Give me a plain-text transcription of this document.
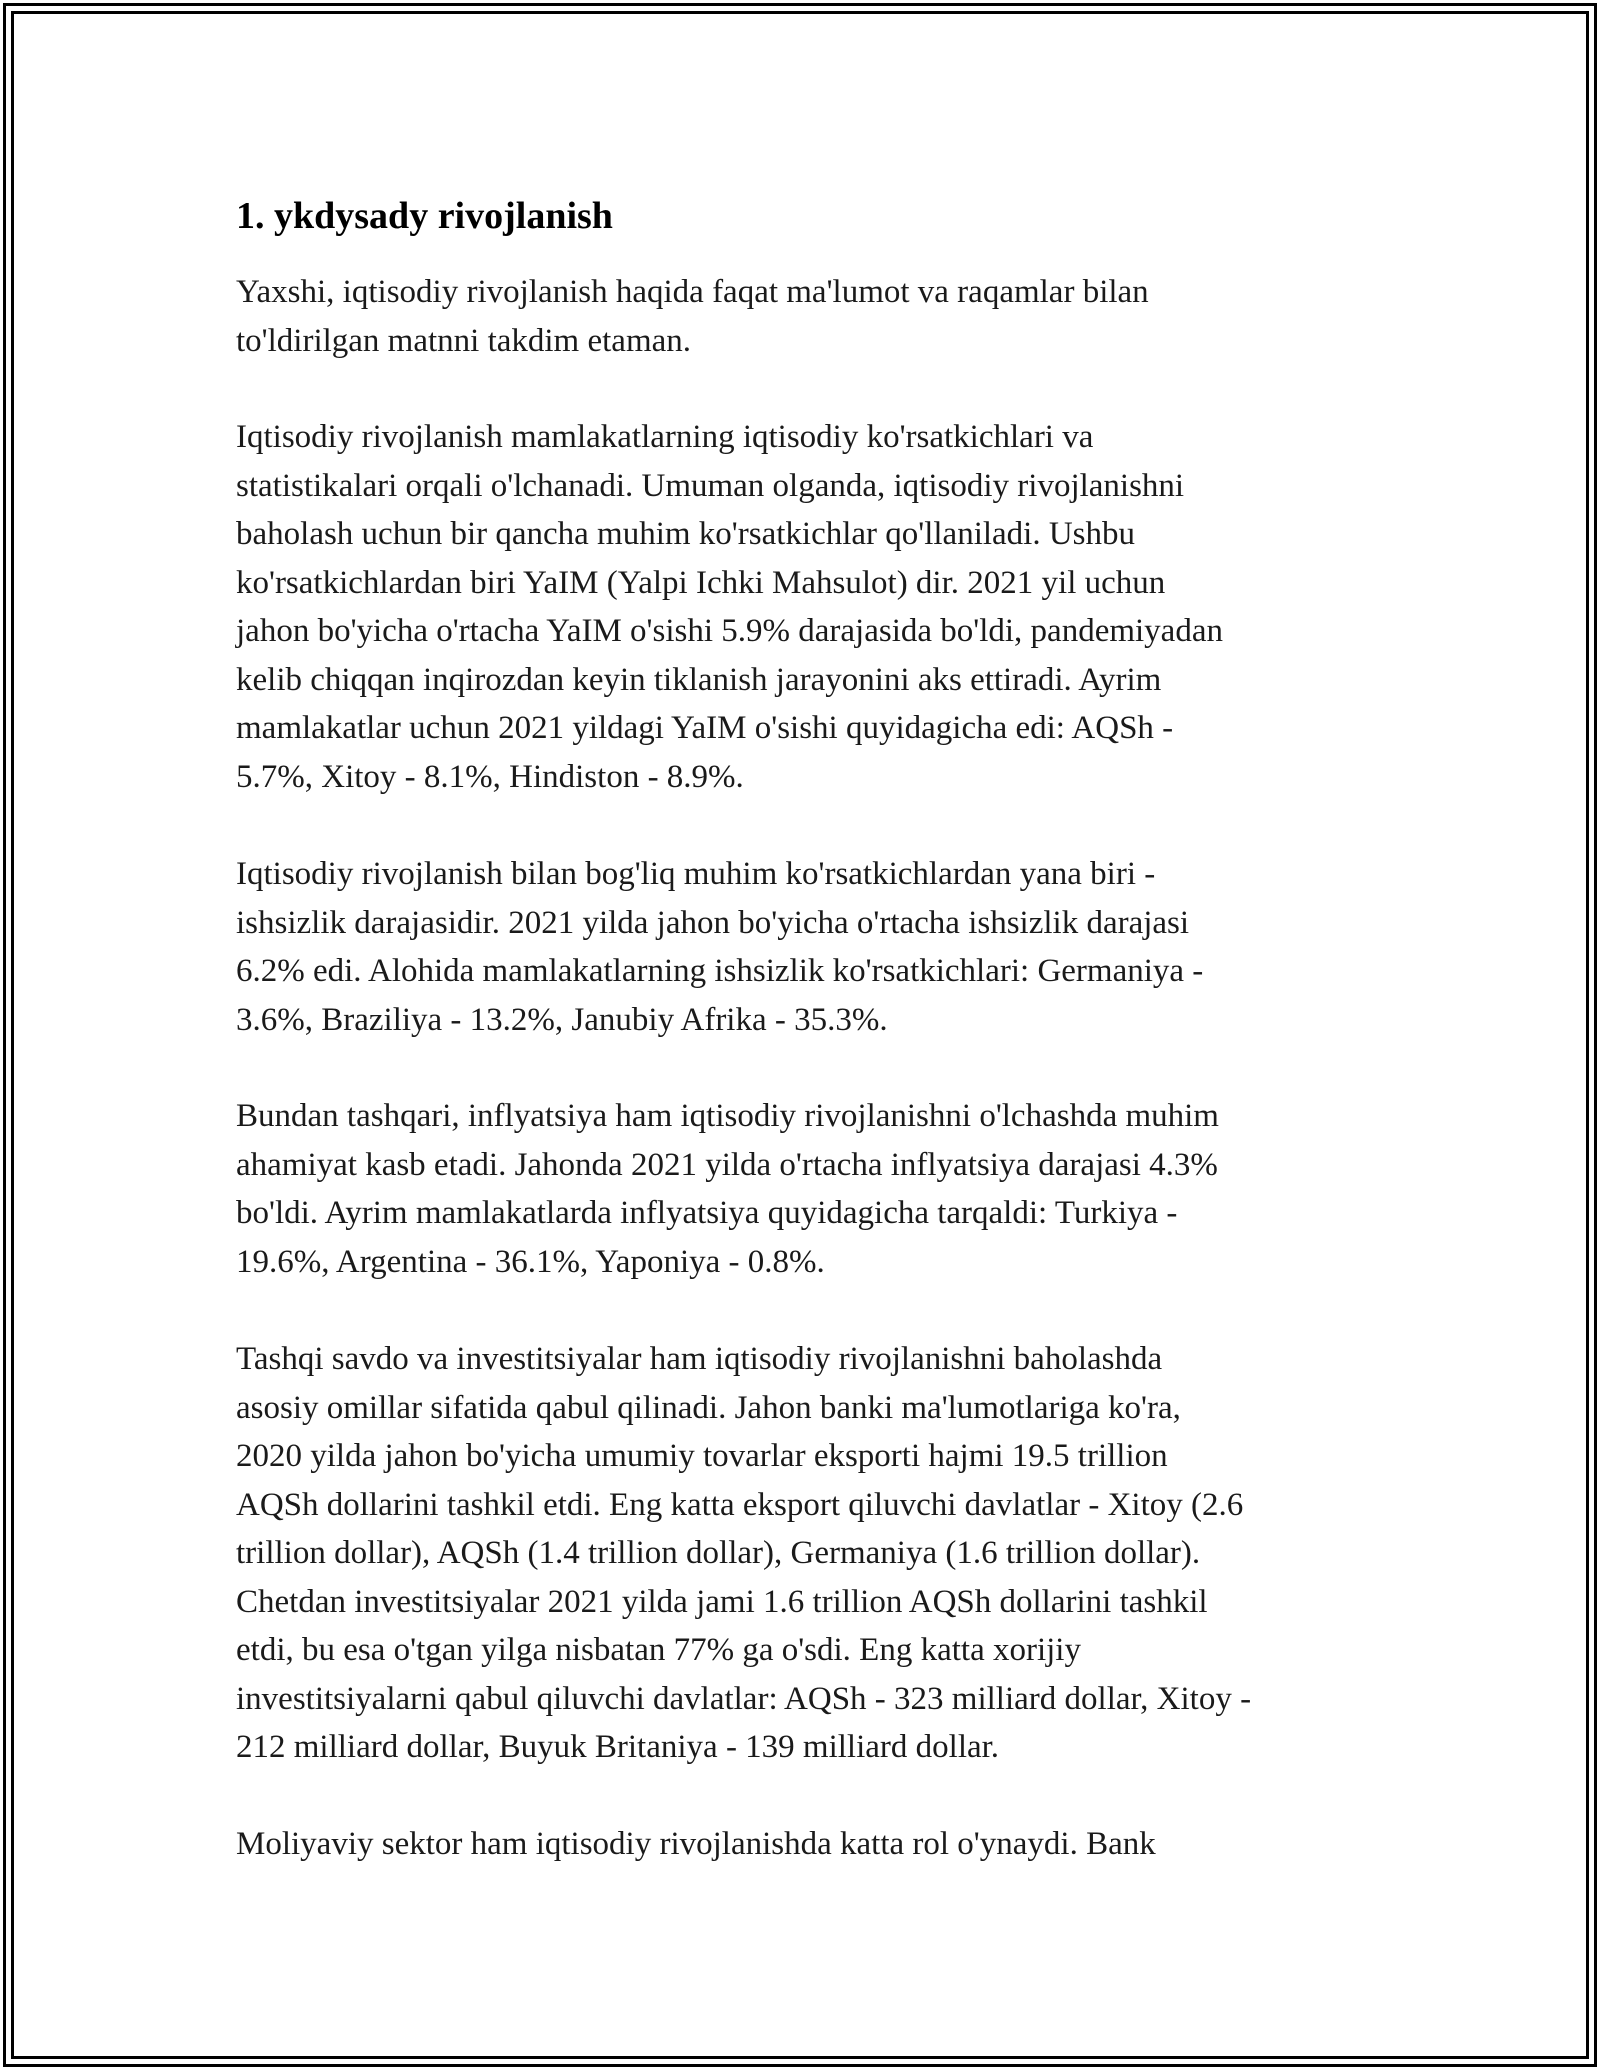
1. ykdysady rivojlanish
Yaxshi, iqtisodiy rivojlanish haqida faqat ma'lumot va raqamlar bilan
to'ldirilgan matnni takdim etaman.
Iqtisodiy rivojlanish mamlakatlarning iqtisodiy ko'rsatkichlari va
statistikalari orqali o'lchanadi. Umuman olganda, iqtisodiy rivojlanishni
baholash uchun bir qancha muhim ko'rsatkichlar qo'llaniladi. Ushbu
ko'rsatkichlardan biri YaIM (Yalpi Ichki Mahsulot) dir. 2021 yil uchun
jahon bo'yicha o'rtacha YaIM o'sishi 5.9% darajasida bo'ldi, pandemiyadan
kelib chiqqan inqirozdan keyin tiklanish jarayonini aks ettiradi. Ayrim
mamlakatlar uchun 2021 yildagi YaIM o'sishi quyidagicha edi: AQSh -
5.7%, Xitoy - 8.1%, Hindiston - 8.9%.
Iqtisodiy rivojlanish bilan bog'liq muhim ko'rsatkichlardan yana biri -
ishsizlik darajasidir. 2021 yilda jahon bo'yicha o'rtacha ishsizlik darajasi
6.2% edi. Alohida mamlakatlarning ishsizlik ko'rsatkichlari: Germaniya -
3.6%, Braziliya - 13.2%, Janubiy Afrika - 35.3%.
Bundan tashqari, inflyatsiya ham iqtisodiy rivojlanishni o'lchashda muhim
ahamiyat kasb etadi. Jahonda 2021 yilda o'rtacha inflyatsiya darajasi 4.3%
bo'ldi. Ayrim mamlakatlarda inflyatsiya quyidagicha tarqaldi: Turkiya -
19.6%, Argentina - 36.1%, Yaponiya - 0.8%.
Tashqi savdo va investitsiyalar ham iqtisodiy rivojlanishni baholashda
asosiy omillar sifatida qabul qilinadi. Jahon banki ma'lumotlariga ko'ra,
2020 yilda jahon bo'yicha umumiy tovarlar eksporti hajmi 19.5 trillion
AQSh dollarini tashkil etdi. Eng katta eksport qiluvchi davlatlar - Xitoy (2.6
trillion dollar), AQSh (1.4 trillion dollar), Germaniya (1.6 trillion dollar).
Chetdan investitsiyalar 2021 yilda jami 1.6 trillion AQSh dollarini tashkil
etdi, bu esa o'tgan yilga nisbatan 77% ga o'sdi. Eng katta xorijiy
investitsiyalarni qabul qiluvchi davlatlar: AQSh - 323 milliard dollar, Xitoy -
212 milliard dollar, Buyuk Britaniya - 139 milliard dollar.
Moliyaviy sektor ham iqtisodiy rivojlanishda katta rol o'ynaydi. Bank
